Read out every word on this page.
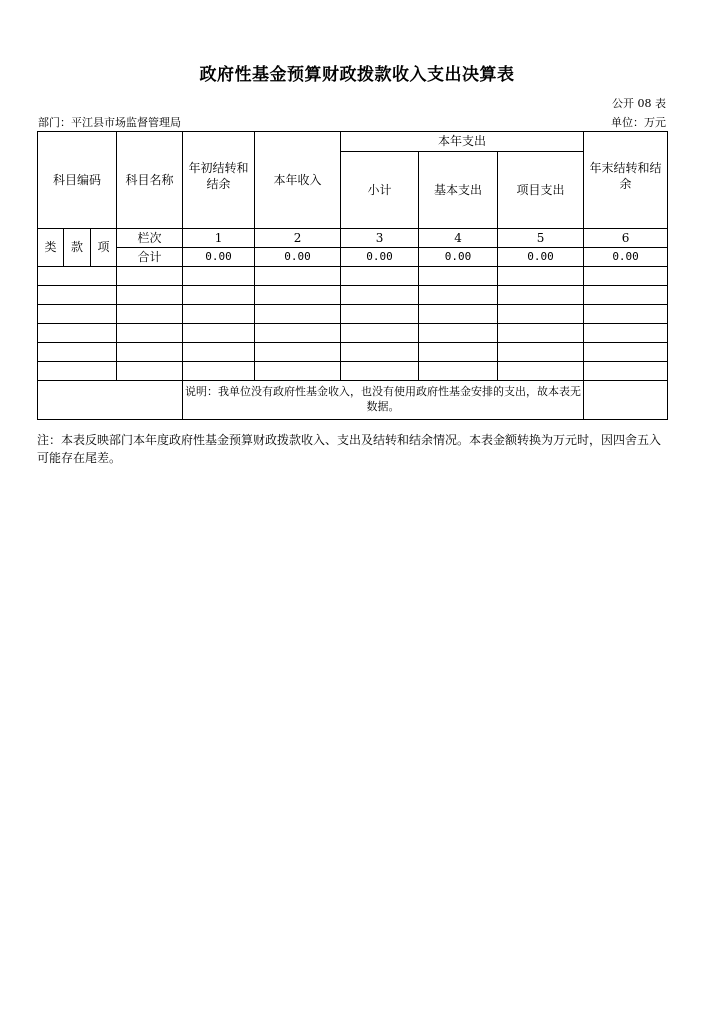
政府性基金预算财政拨款收入支出决算表
公开 08 表
部门：平江县市场监督管理局	单位：万元
科目编码			科目名称	年初结转和结余	本年收入	本年支出			年末结转和结余
						小计	基本支出	项目支出	
类	款	项	栏次	1	2	3	4	5	6
			合计	0.00	0.00	0.00	0.00	0.00	0.00

				说明：我单位没有政府性基金收入，也没有使用政府性基金安排的支出，故本表无数据。					
注：本表反映部门本年度政府性基金预算财政拨款收入、支出及结转和结余情况。本表金额转换为万元时，因四舍五入可能存在尾差。
